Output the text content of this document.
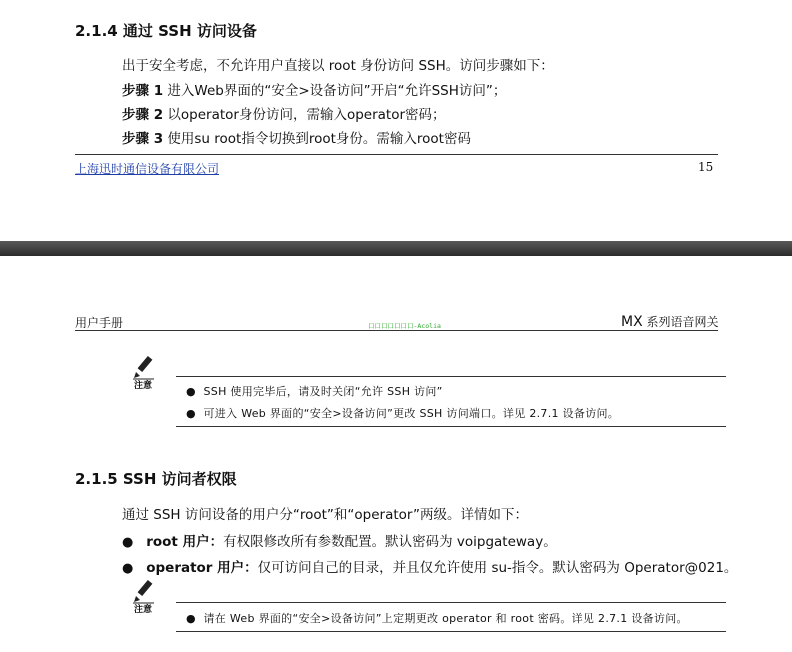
2.1.4 通过 SSH 访问设备
出于安全考虑，不允许用户直接以 root 身份访问 SSH。访问步骤如下：
步骤 1 进入Web界面的“安全>设备访问”开启“允许SSH访问”；
步骤 2 以operator身份访问，需输入operator密码；
步骤 3 使用su root指令切换到root身份。需输入root密码
上海迅时通信设备有限公司	15
用户手册	口口口口口口口-Acolia	MX 系列语音网关
注意	● SSH 使用完毕后，请及时关闭“允许 SSH 访问”
● 可进入 Web 界面的“安全>设备访问”更改 SSH 访问端口。详见 2.7.1 设备访问。
2.1.5 SSH 访问者权限
通过 SSH 访问设备的用户分“root”和“operator”两级。详情如下：
● root 用户：有权限修改所有参数配置。默认密码为 voipgateway。
● operator 用户：仅可访问自己的目录，并且仅允许使用 su-指令。默认密码为 Operator@021。
注意
● 请在 Web 界面的“安全>设备访问”上定期更改 operator 和 root 密码。详见 2.7.1 设备访问。
